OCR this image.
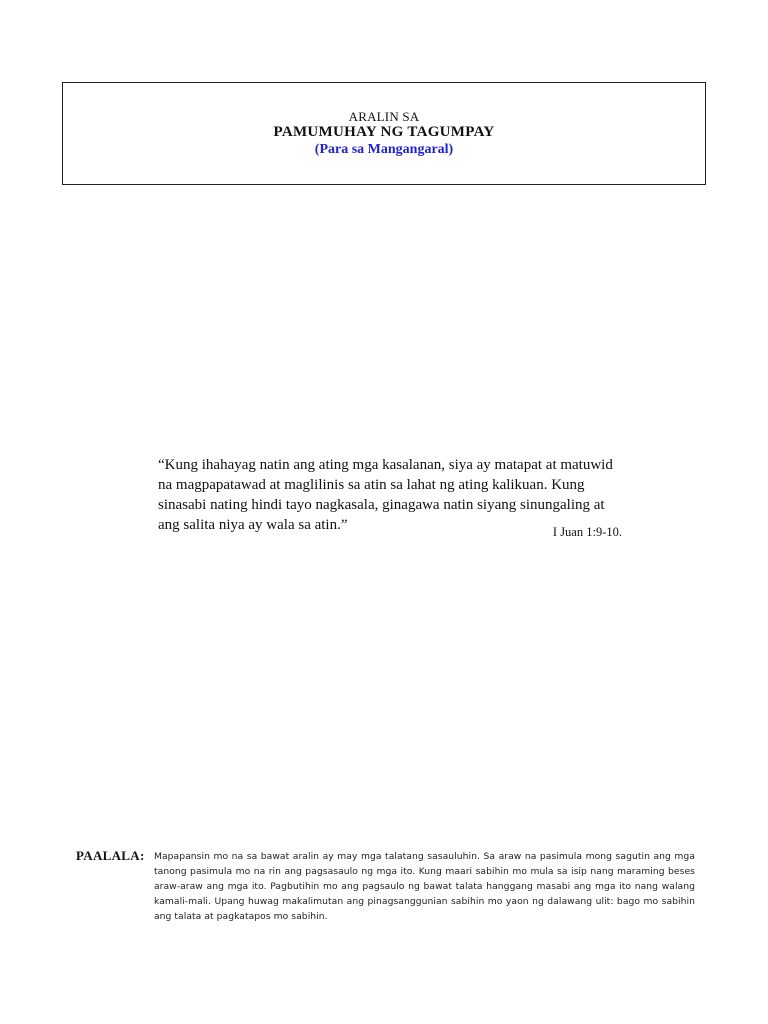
ARALIN SA
PAMUMUHAY NG TAGUMPAY
(Para sa Mangangaral)

“Kung ihahayag natin ang ating mga kasalanan, siya ay matapat at matuwid

na magpapatawad at maglilinis sa atin sa lahat ng ating kalikuan. Kung

sinasabi nating hindi tayo nagkasala, ginagawa natin siyang sinungaling at

ang salita niya ay wala sa atin.”	I Juan 1:9-10.
PAALALA: Mapapansin mo na sa bawat aralin ay may mga talatang sasauluhin. Sa araw na pasimula mong sagutin ang mga tanong pasimula mo na rin ang pagsasaulo ng mga ito. Kung maari sabihin mo mula sa isip nang maraming beses araw-araw ang mga ito. Pagbutihin mo ang pagsaulo ng bawat talata hanggang masabi ang mga ito nang walang kamali-mali. Upang huwag makalimutan ang pinagsanggunian sabihin mo yaon ng dalawang ulit: bago mo sabihin ang talata at pagkatapos mo sabihin.
